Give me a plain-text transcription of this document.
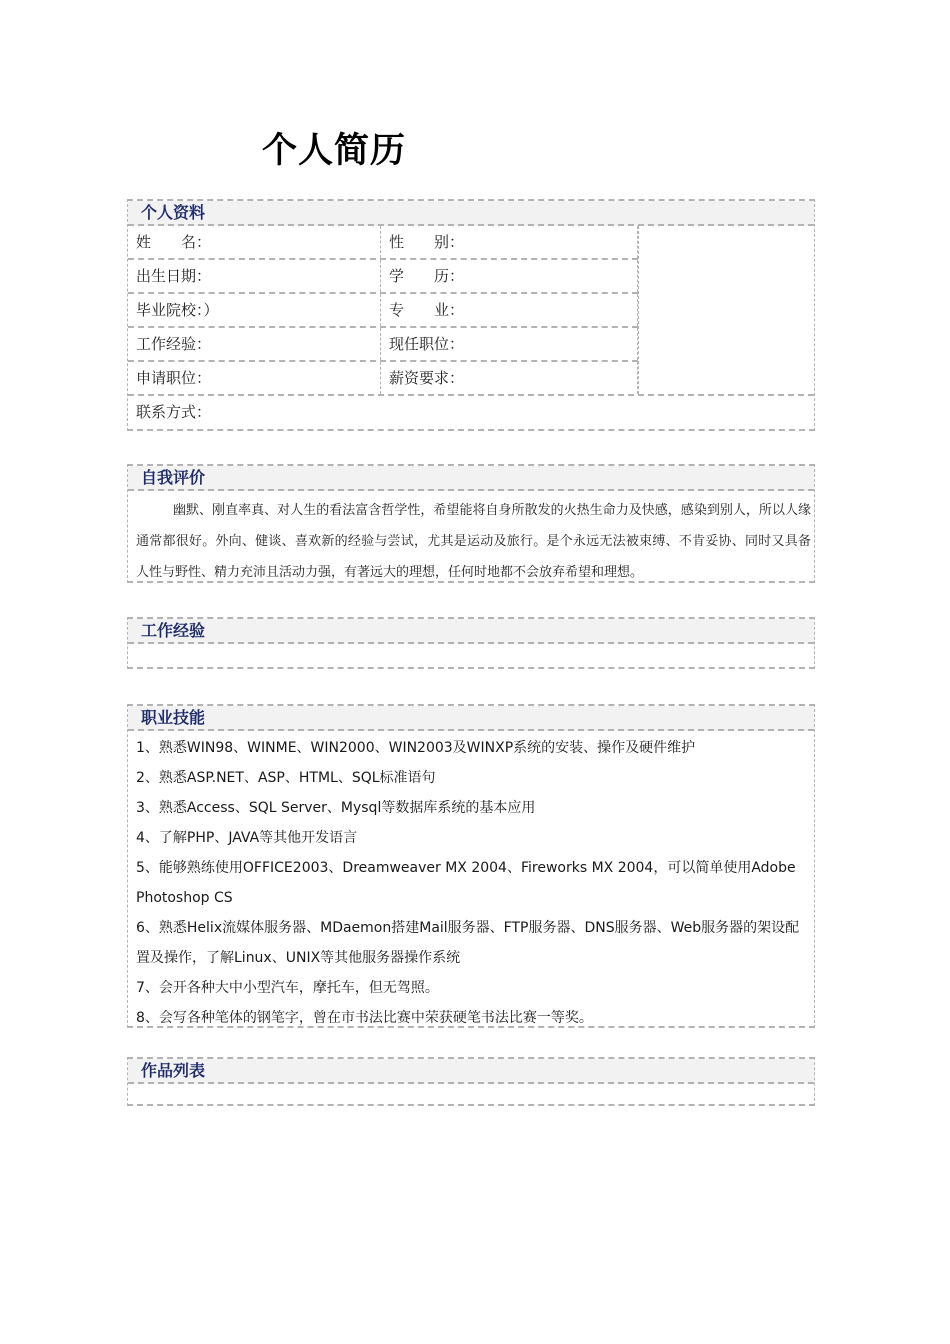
个人简历
个人资料
姓　　名：	性　　别：
出生日期：	学　　历：
毕业院校：）	专　　业：
工作经验：	现任职位：
申请职位：	薪资要求：
联系方式：
自我评价
幽默、刚直率真、对人生的看法富含哲学性，希望能将自身所散发的火热生命力及快感，感染到别人，所以人缘通常都很好。外向、健谈、喜欢新的经验与尝试，尤其是运动及旅行。是个永远无法被束缚、不肯妥协、同时又具备人性与野性、精力充沛且活动力强，有著远大的理想，任何时地都不会放弃希望和理想。
工作经验
职业技能
1、熟悉WIN98、WINME、WIN2000、WIN2003及WINXP系统的安装、操作及硬件维护
2、熟悉ASP.NET、ASP、HTML、SQL标准语句
3、熟悉Access、SQL Server、Mysql等数据库系统的基本应用
4、了解PHP、JAVA等其他开发语言
5、能够熟练使用OFFICE2003、Dreamweaver MX 2004、Fireworks MX 2004，可以简单使用Adobe Photoshop CS
6、熟悉Helix流媒体服务器、MDaemon搭建Mail服务器、FTP服务器、DNS服务器、Web服务器的架设配置及操作，了解Linux、UNIX等其他服务器操作系统
7、会开各种大中小型汽车，摩托车，但无驾照。
8、会写各种笔体的钢笔字，曾在市书法比赛中荣获硬笔书法比赛一等奖。
作品列表
